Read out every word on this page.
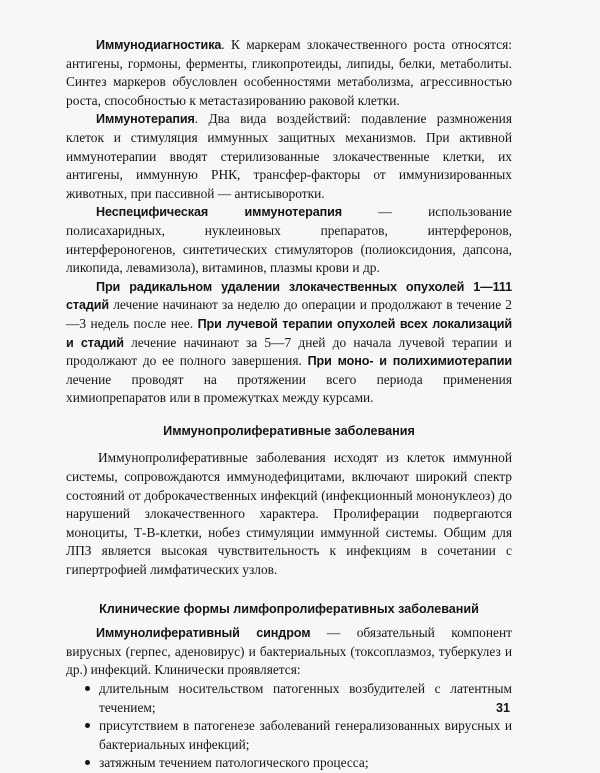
Иммунодиагностика. К маркерам злокачественного роста относятся: антигены, гормоны, ферменты, гликопротеиды, липиды, белки, метаболиты. Синтез маркеров обусловлен особенностями метаболизма, агрессивностью роста, способностью к метастазированию раковой клетки.

Иммунотерапия. Два вида воздействий: подавление размножения клеток и стимуляция иммунных защитных механизмов. При активной иммунотерапии вводят стерилизованные злокачественные клетки, их антигены, иммунную РНК, трансфер-факторы от иммунизированных животных, при пассивной — антисыворотки.

Неспецифическая иммунотерапия — использование полисахаридных, нуклеиновых препаратов, интерферонов, интерфероногенов, синтетических стимуляторов (полиоксидония, дапсона, ликопида, левамизола), витаминов, плазмы крови и др.

При радикальном удалении злокачественных опухолей 1—111 стадий лечение начинают за неделю до операции и продолжают в течение 2—3 недель после нее. При лучевой терапии опухолей всех локализаций и стадий лечение начинают за 5—7 дней до начала лучевой терапии и продолжают до ее полного завершения. При моно- и полихимиотерапии лечение проводят на протяжении всего периода применения химиопрепаратов или в промежутках между курсами.

Иммунопролиферативные заболевания

Иммунопролиферативные заболевания исходят из клеток иммунной системы, сопровождаются иммунодефицитами, включают широкий спектр состояний от доброкачественных инфекций (инфекционный мононуклеоз) до нарушений злокачественного характера. Пролиферации подвергаются моноциты, Т-В-клетки, нобез стимуляции иммунной системы. Общим для ЛПЗ является высокая чувствительность к инфекциям в сочетании с гипертрофией лимфатических узлов.

Клинические формы лимфопролиферативных заболеваний

Иммунолиферативный синдром — обязательный компонент вирусных (герпес, аденовирус) и бактериальных (токсоплазмоз, туберкулез и др.) инфекций. Клинически проявляется:

длительным носительством патогенных возбудителей с латентным течением;
присутствием в патогенезе заболеваний генерализованных вирусных и бактериальных инфекций;
затяжным течением патологического процесса;
31
